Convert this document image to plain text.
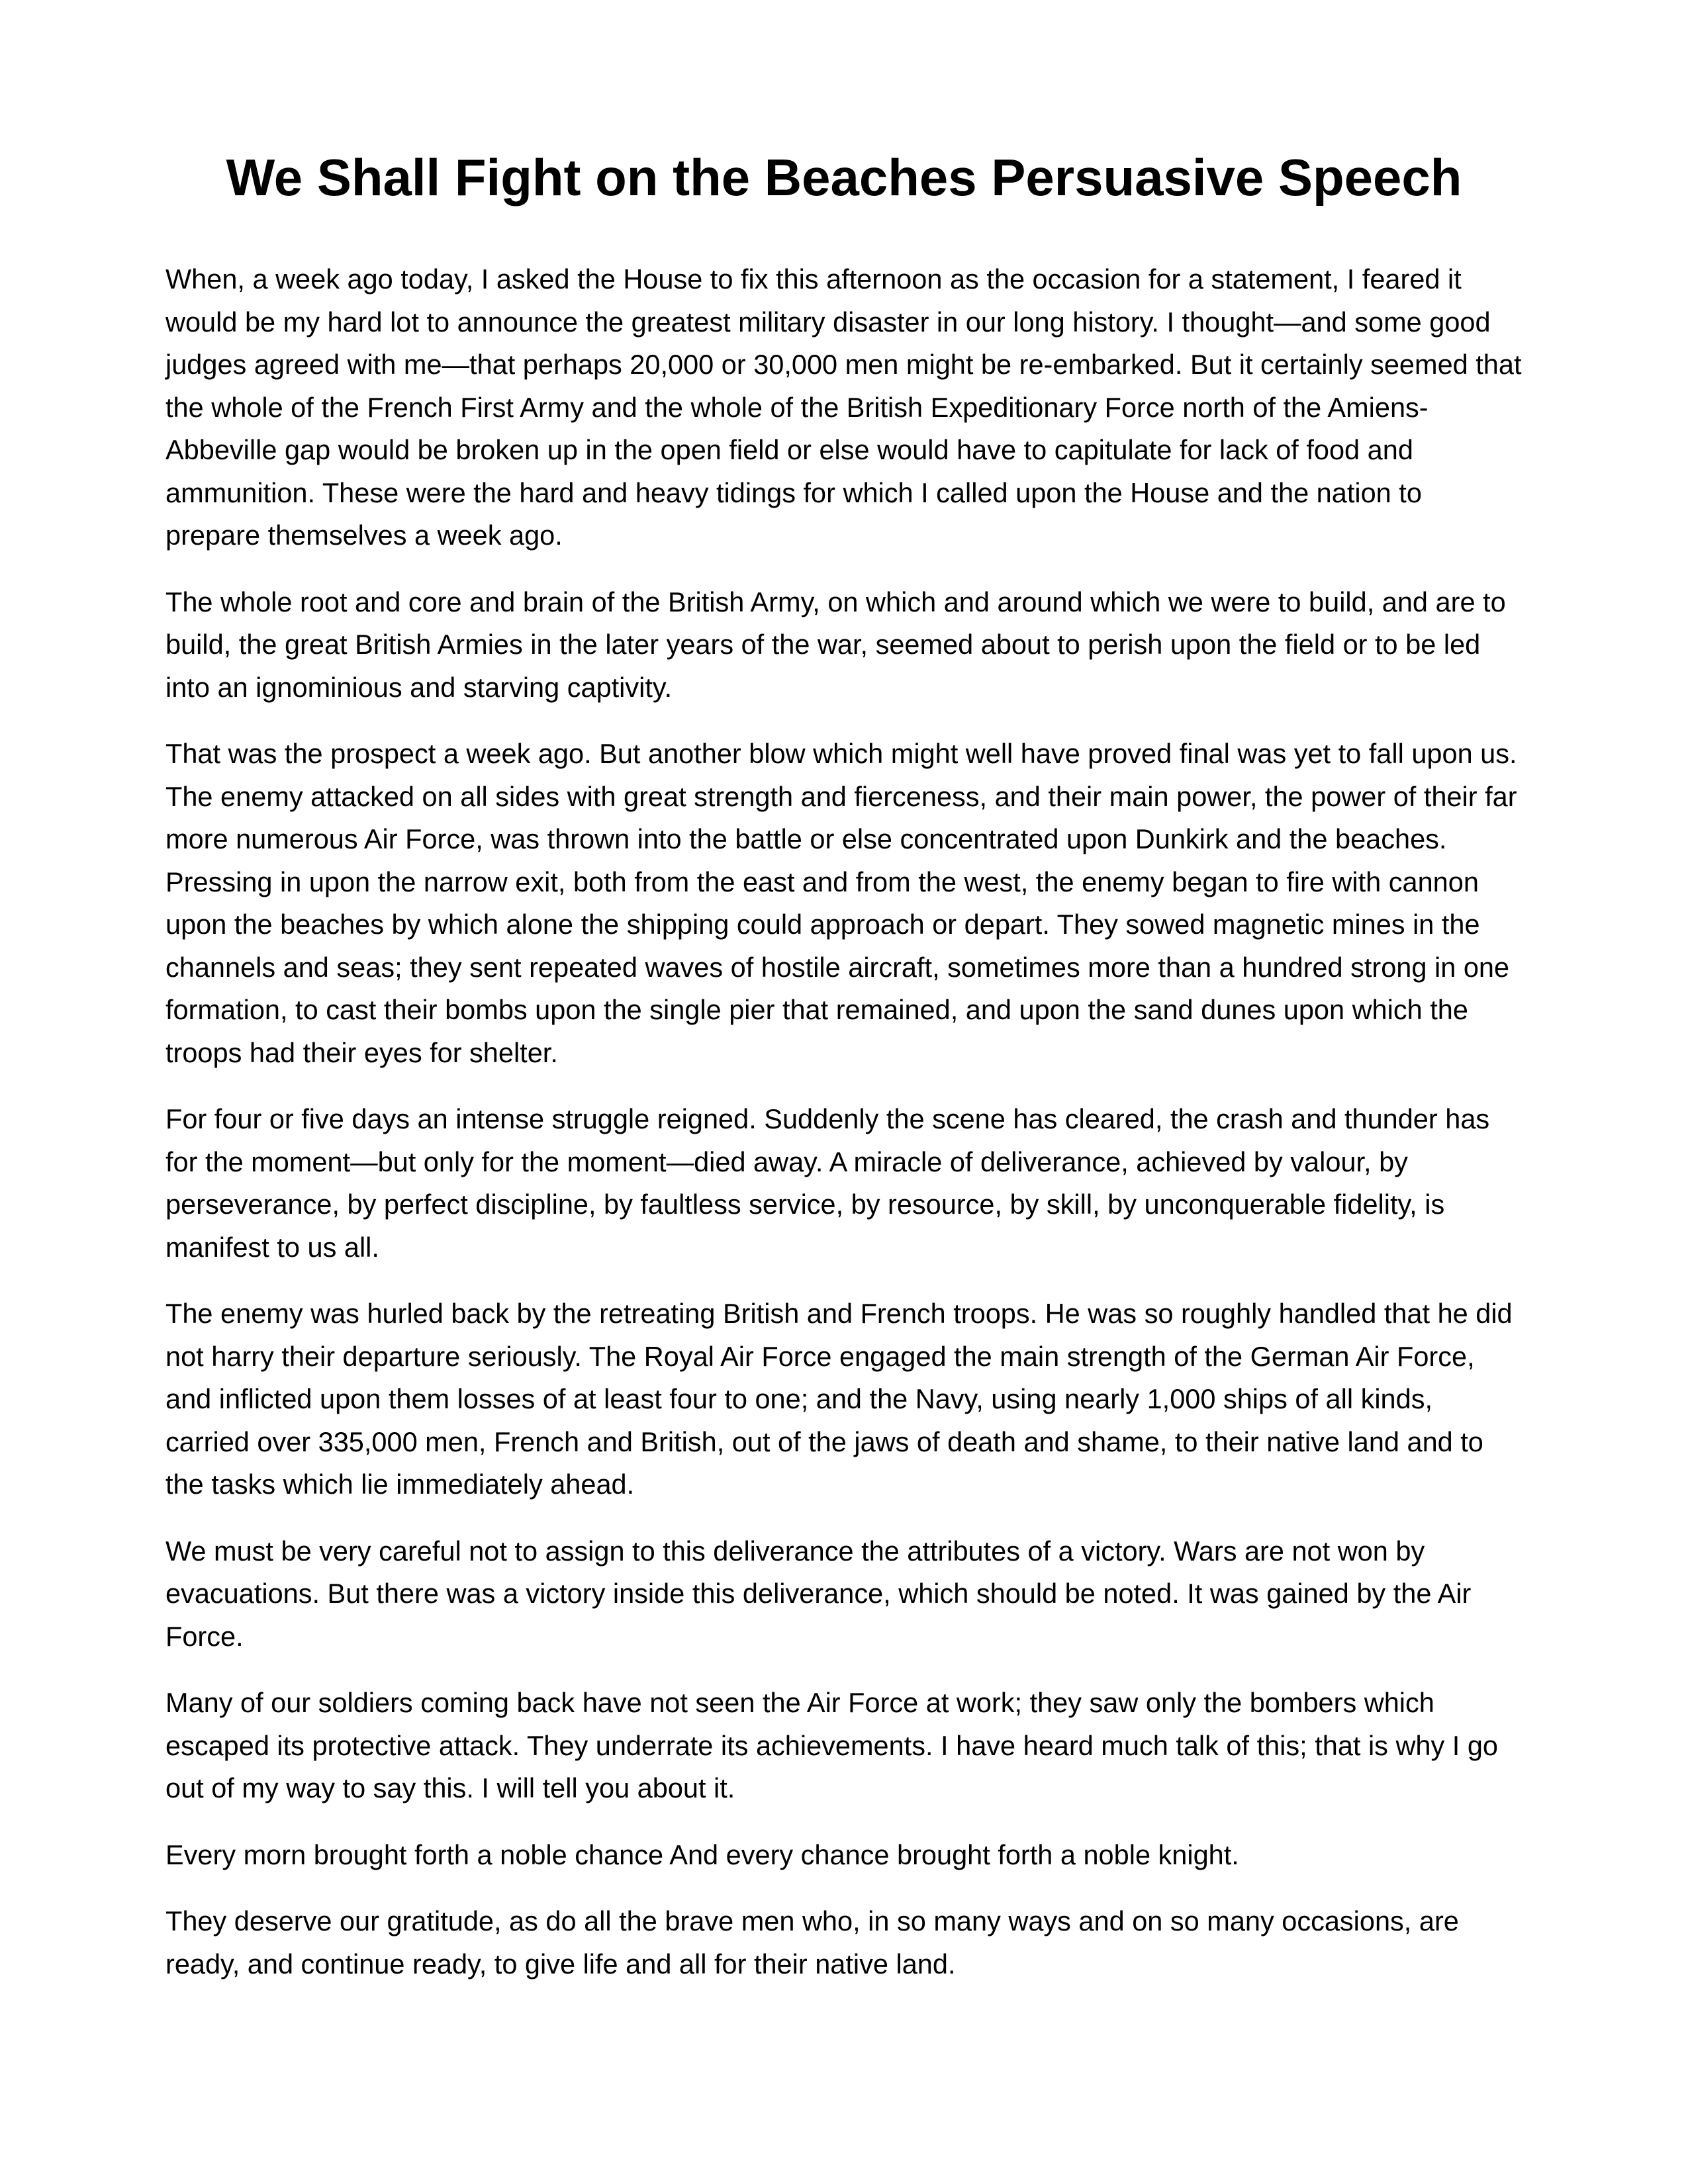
We Shall Fight on the Beaches Persuasive Speech

When, a week ago today, I asked the House to fix this afternoon as the occasion for a statement, I feared it would be my hard lot to announce the greatest military disaster in our long history. I thought—and some good judges agreed with me—that perhaps 20,000 or 30,000 men might be re-embarked. But it certainly seemed that the whole of the French First Army and the whole of the British Expeditionary Force north of the Amiens-Abbeville gap would be broken up in the open field or else would have to capitulate for lack of food and ammunition. These were the hard and heavy tidings for which I called upon the House and the nation to prepare themselves a week ago.

The whole root and core and brain of the British Army, on which and around which we were to build, and are to build, the great British Armies in the later years of the war, seemed about to perish upon the field or to be led into an ignominious and starving captivity.

That was the prospect a week ago. But another blow which might well have proved final was yet to fall upon us. The enemy attacked on all sides with great strength and fierceness, and their main power, the power of their far more numerous Air Force, was thrown into the battle or else concentrated upon Dunkirk and the beaches. Pressing in upon the narrow exit, both from the east and from the west, the enemy began to fire with cannon upon the beaches by which alone the shipping could approach or depart. They sowed magnetic mines in the channels and seas; they sent repeated waves of hostile aircraft, sometimes more than a hundred strong in one formation, to cast their bombs upon the single pier that remained, and upon the sand dunes upon which the troops had their eyes for shelter.

For four or five days an intense struggle reigned. Suddenly the scene has cleared, the crash and thunder has for the moment—but only for the moment—died away. A miracle of deliverance, achieved by valour, by perseverance, by perfect discipline, by faultless service, by resource, by skill, by unconquerable fidelity, is manifest to us all.

The enemy was hurled back by the retreating British and French troops. He was so roughly handled that he did not harry their departure seriously. The Royal Air Force engaged the main strength of the German Air Force, and inflicted upon them losses of at least four to one; and the Navy, using nearly 1,000 ships of all kinds, carried over 335,000 men, French and British, out of the jaws of death and shame, to their native land and to the tasks which lie immediately ahead.

We must be very careful not to assign to this deliverance the attributes of a victory. Wars are not won by evacuations. But there was a victory inside this deliverance, which should be noted. It was gained by the Air Force.

Many of our soldiers coming back have not seen the Air Force at work; they saw only the bombers which escaped its protective attack. They underrate its achievements. I have heard much talk of this; that is why I go out of my way to say this. I will tell you about it.

Every morn brought forth a noble chance And every chance brought forth a noble knight.

They deserve our gratitude, as do all the brave men who, in so many ways and on so many occasions, are ready, and continue ready, to give life and all for their native land.
